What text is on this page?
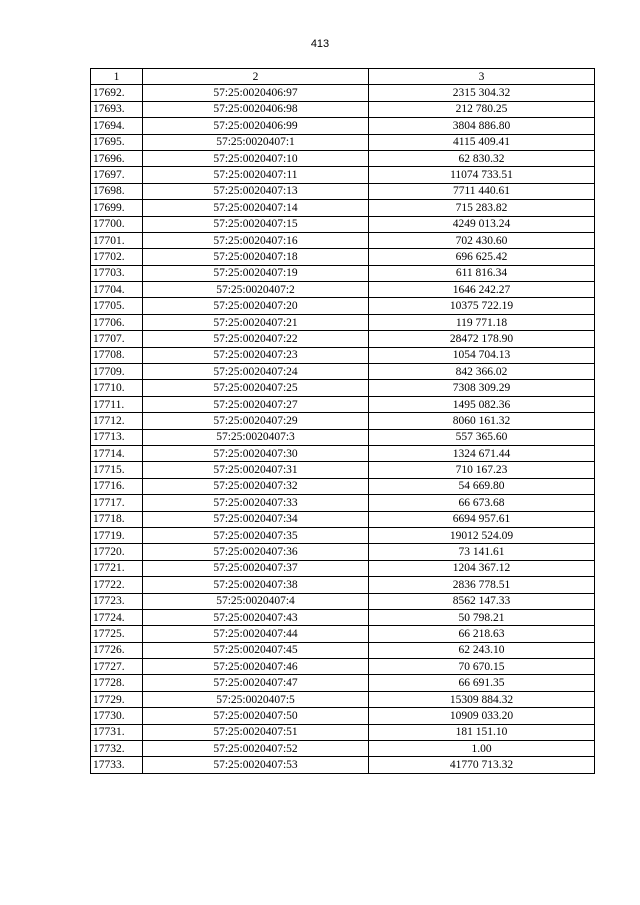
413
1	2	3
17692.	57:25:0020406:97	2315 304.32
17693.	57:25:0020406:98	212 780.25
17694.	57:25:0020406:99	3804 886.80
17695.	57:25:0020407:1	4115 409.41
17696.	57:25:0020407:10	62 830.32
17697.	57:25:0020407:11	11074 733.51
17698.	57:25:0020407:13	7711 440.61
17699.	57:25:0020407:14	715 283.82
17700.	57:25:0020407:15	4249 013.24
17701.	57:25:0020407:16	702 430.60
17702.	57:25:0020407:18	696 625.42
17703.	57:25:0020407:19	611 816.34
17704.	57:25:0020407:2	1646 242.27
17705.	57:25:0020407:20	10375 722.19
17706.	57:25:0020407:21	119 771.18
17707.	57:25:0020407:22	28472 178.90
17708.	57:25:0020407:23	1054 704.13
17709.	57:25:0020407:24	842 366.02
17710.	57:25:0020407:25	7308 309.29
17711.	57:25:0020407:27	1495 082.36
17712.	57:25:0020407:29	8060 161.32
17713.	57:25:0020407:3	557 365.60
17714.	57:25:0020407:30	1324 671.44
17715.	57:25:0020407:31	710 167.23
17716.	57:25:0020407:32	54 669.80
17717.	57:25:0020407:33	66 673.68
17718.	57:25:0020407:34	6694 957.61
17719.	57:25:0020407:35	19012 524.09
17720.	57:25:0020407:36	73 141.61
17721.	57:25:0020407:37	1204 367.12
17722.	57:25:0020407:38	2836 778.51
17723.	57:25:0020407:4	8562 147.33
17724.	57:25:0020407:43	50 798.21
17725.	57:25:0020407:44	66 218.63
17726.	57:25:0020407:45	62 243.10
17727.	57:25:0020407:46	70 670.15
17728.	57:25:0020407:47	66 691.35
17729.	57:25:0020407:5	15309 884.32
17730.	57:25:0020407:50	10909 033.20
17731.	57:25:0020407:51	181 151.10
17732.	57:25:0020407:52	1.00
17733.	57:25:0020407:53	41770 713.32
